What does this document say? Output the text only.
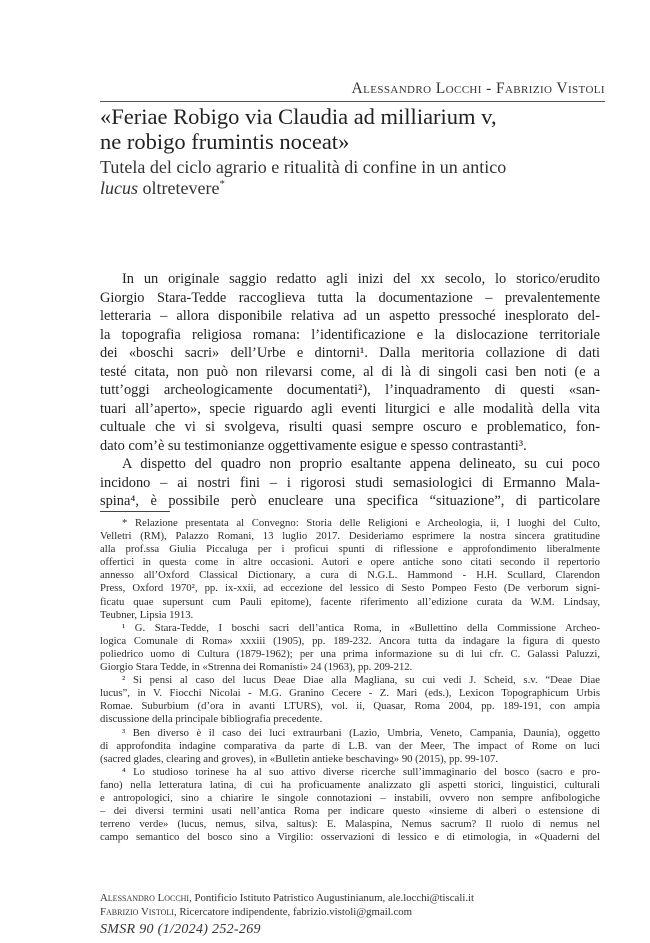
Alessandro Locchi - Fabrizio Vistoli
«Feriae Robigo via Claudia ad milliarium v,
ne robigo frumintis noceat»
Tutela del ciclo agrario e ritualità di confine in un antico
lucus oltretevere*
In un originale saggio redatto agli inizi del xx secolo, lo storico/erudito
Giorgio Stara-Tedde raccoglieva tutta la documentazione – prevalentemente
letteraria – allora disponibile relativa ad un aspetto pressoché inesplorato del-
la topografia religiosa romana: l’identificazione e la dislocazione territoriale
dei «boschi sacri» dell’Urbe e dintorni¹. Dalla meritoria collazione di dati
testé citata, non può non rilevarsi come, al di là di singoli casi ben noti (e a
tutt’oggi archeologicamente documentati²), l’inquadramento di questi «san-
tuari all’aperto», specie riguardo agli eventi liturgici e alle modalità della vita
cultuale che vi si svolgeva, risulti quasi sempre oscuro e problematico, fon-
dato com’è su testimonianze oggettivamente esigue e spesso contrastanti³.
A dispetto del quadro non proprio esaltante appena delineato, su cui poco
incidono – ai nostri fini – i rigorosi studi semasiologici di Ermanno Mala-
spina⁴, è possibile però enucleare una specifica “situazione”, di particolare
* Relazione presentata al Convegno: Storia delle Religioni e Archeologia, ii, I luoghi del Culto,
Velletri (RM), Palazzo Romani, 13 luglio 2017. Desideriamo esprimere la nostra sincera gratitudine
alla prof.ssa Giulia Piccaluga per i proficui spunti di riflessione e approfondimento liberalmente
offertici in questa come in altre occasioni. Autori e opere antiche sono citati secondo il repertorio
annesso all’Oxford Classical Dictionary, a cura di N.G.L. Hammond - H.H. Scullard, Clarendon
Press, Oxford 1970², pp. ix-xxii, ad eccezione del lessico di Sesto Pompeo Festo (De verborum signi-
ficatu quae supersunt cum Pauli epitome), facente riferimento all’edizione curata da W.M. Lindsay,
Teubner, Lipsia 1913.
¹ G. Stara-Tedde, I boschi sacri dell’antica Roma, in «Bullettino della Commissione Archeo-
logica Comunale di Roma» xxxiii (1905), pp. 189-232. Ancora tutta da indagare la figura di questo
poliedrico uomo di Cultura (1879-1962); per una prima informazione su di lui cfr. C. Galassi Paluzzi,
Giorgio Stara Tedde, in «Strenna dei Romanisti» 24 (1963), pp. 209-212.
² Si pensi al caso del lucus Deae Diae alla Magliana, su cui vedi J. Scheid, s.v. “Deae Diae
lucus”, in V. Fiocchi Nicolai - M.G. Granino Cecere - Z. Mari (eds.), Lexicon Topographicum Urbis
Romae. Suburbium (d’ora in avanti LTURS), vol. ii, Quasar, Roma 2004, pp. 189-191, con ampia
discussione della principale bibliografia precedente.
³ Ben diverso è il caso dei luci extraurbani (Lazio, Umbria, Veneto, Campania, Daunia), oggetto
di approfondita indagine comparativa da parte di L.B. van der Meer, The impact of Rome on luci
(sacred glades, clearing and groves), in «Bulletin antieke beschaving» 90 (2015), pp. 99-107.
⁴ Lo studioso torinese ha al suo attivo diverse ricerche sull’immaginario del bosco (sacro e pro-
fano) nella letteratura latina, di cui ha proficuamente analizzato gli aspetti storici, linguistici, culturali
e antropologici, sino a chiarire le singole connotazioni – instabili, ovvero non sempre anfibologiche
– dei diversi termini usati nell’antica Roma per indicare questo «insieme di alberi o estensione di
terreno verde» (lucus, nemus, silva, saltus): E. Malaspina, Nemus sacrum? Il ruolo di nemus nel
campo semantico del bosco sino a Virgilio: osservazioni di lessico e di etimologia, in «Quaderni del
Alessandro Locchi, Pontificio Istituto Patristico Augustinianum, ale.locchi@tiscali.it
Fabrizio Vistoli, Ricercatore indipendente, fabrizio.vistoli@gmail.com
SMSR 90 (1/2024) 252-269
